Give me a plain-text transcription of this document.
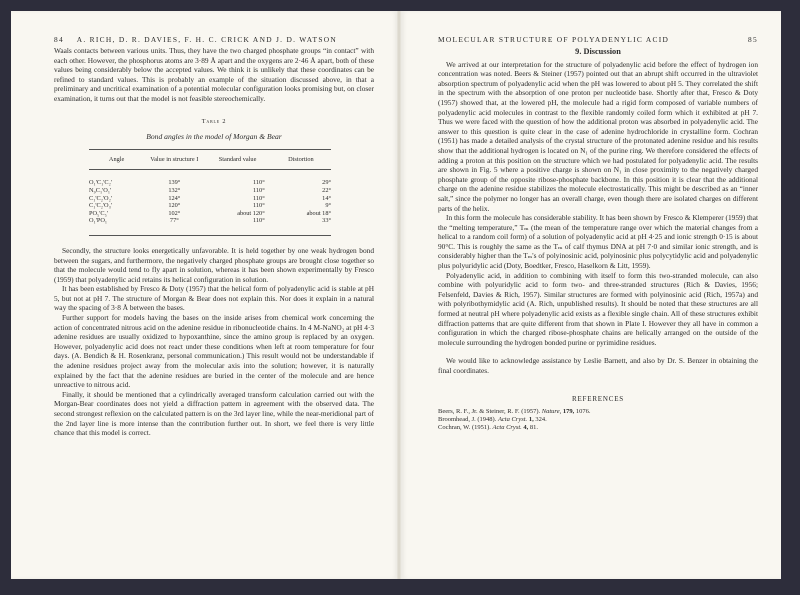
84 A. RICH, D. R. DAVIES, F. H. C. CRICK AND J. D. WATSON

Waals contacts between various units. Thus, they have the two charged phosphate groups “in contact” with each other. However, the phosphorus atoms are 3·89 Å apart and the oxygens are 2·46 Å apart, both of these values being considerably below the accepted values. We think it is unlikely that these coordinates can be refined to standard values. This is probably an example of the situation discussed above, in that a preliminary and uncritical examination of a potential molecular configuration looks promising but, on closer examination, it turns out that the model is not feasible stereochemically.

Table 2
Bond angles in the model of Morgan & Bear
Angle	Value in structure I	Standard value	Distortion
O₁'C₁'C₂'	139°	110°	29°
N₉C₁'O₁'	132°	110°	22°
C₁'C₂'O₂'	124°	110°	14°
C₁'C₂'O₃'	120°	110°	9°
PO₅'C₅'	102°	about 120°	about 18°
O₁'PO₁	77°	110°	33°

Secondly, the structure looks energetically unfavorable. It is held together by one weak hydrogen bond between the sugars, and furthermore, the negatively charged phosphate groups are brought close together so that the molecule would tend to fly apart in solution, whereas it has been shown experimentally by Fresco (1959) that polyadenylic acid retains its helical configuration in solution.

It has been established by Fresco & Doty (1957) that the helical form of polyadenylic acid is stable at pH 5, but not at pH 7. The structure of Morgan & Bear does not explain this. Nor does it explain in a natural way the spacing of 3·8 Å between the bases.

Further support for models having the bases on the inside arises from chemical work concerning the action of concentrated nitrous acid on the adenine residue in ribonucleotide chains. In 4 M-NaNO₂ at pH 4·3 adenine residues are usually oxidized to hypoxanthine, since the amino group is replaced by an oxygen. However, polyadenylic acid does not react under these conditions when left at room temperature for four days. (A. Bendich & H. Rosenkranz, personal communication.) This result would not be understandable if the adenine residues project away from the molecular axis into the solution; however, it is naturally explained by the fact that the adenine residues are buried in the center of the molecule and are hence unreactive to nitrous acid.

Finally, it should be mentioned that a cylindrically averaged transform calculation carried out with the Morgan-Bear coordinates does not yield a diffraction pattern in agreement with the observed data. The second strongest reflexion on the calculated pattern is on the 3rd layer line, while the near-meridional part of the 2nd layer line is more intense than the contribution further out. In short, we feel there is very little chance that this model is correct.

MOLECULAR STRUCTURE OF POLYADENYLIC ACID	85
9. Discussion

We arrived at our interpretation for the structure of polyadenylic acid before the effect of hydrogen ion concentration was noted. Beers & Steiner (1957) pointed out that an abrupt shift occurred in the ultraviolet absorption spectrum of polyadenylic acid when the pH was lowered to about pH 5. They correlated the shift in the spectrum with the absorption of one proton per nucleotide base. Shortly after that, Fresco & Doty (1957) showed that, at the lowered pH, the molecule had a rigid form composed of variable numbers of polyadenylic acid molecules in contrast to the flexible randomly coiled form which it exhibited at pH 7. Thus we were faced with the question of how the additional proton was absorbed in polyadenylic acid. The answer to this question is quite clear in the case of adenine hydrochloride in crystalline form. Cochran (1951) has made a detailed analysis of the crystal structure of the protonated adenine residue and his results show that the additional hydrogen is located on N₁ of the purine ring. We therefore considered the effects of adding a proton at this position on the structure which we had postulated for polyadenylic acid. The results are shown in Fig. 5 where a positive charge is shown on N₁ in close proximity to the negatively charged phosphate group of the opposite ribose-phosphate backbone. In this position it is clear that the additional charge on the adenine residue stabilizes the molecule electrostatically. This might be described as an “inner salt,” since the polymer no longer has an overall charge, even though there are isolated charges on different parts of the helix.

In this form the molecule has considerable stability. It has been shown by Fresco & Klemperer (1959) that the “melting temperature,” Tₘ (the mean of the temperature range over which the material changes from a helical to a random coil form) of a solution of polyadenylic acid at pH 4·25 and ionic strength 0·15 is about 90°C. This is roughly the same as the Tₘ of calf thymus DNA at pH 7·0 and similar ionic strength, and is considerably higher than the Tₘ's of polyinosinic acid, polyinosinic plus polycytidylic acid and polyadenylic plus polyuridylic acid (Doty, Boedtker, Fresco, Haselkorn & Litt, 1959).

Polyadenylic acid, in addition to combining with itself to form this two-stranded molecule, can also combine with polyuridylic acid to form two- and three-stranded structures (Rich & Davies, 1956; Felsenfeld, Davies & Rich, 1957). Similar structures are formed with polyinosinic acid (Rich, 1957a) and with polyribothymidylic acid (A. Rich, unpublished results). It should be noted that these structures are all formed at neutral pH where polyadenylic acid exists as a flexible single chain. All of these structures exhibit diffraction patterns that are quite different from that shown in Plate I. However they all have in common a configuration in which the charged ribose-phosphate chains are helically arranged on the outside of the molecule surrounding the hydrogen bonded purine or pyrimidine residues.

We would like to acknowledge assistance by Leslie Barnett, and also by Dr. S. Benzer in obtaining the final coordinates.

REFERENCES
Beers, R. F., Jr. & Steiner, R. F. (1957). Nature, 179, 1076.
Broomhead, J. (1948). Acta Cryst. 1, 324.
Cochran, W. (1951). Acta Cryst. 4, 81.
